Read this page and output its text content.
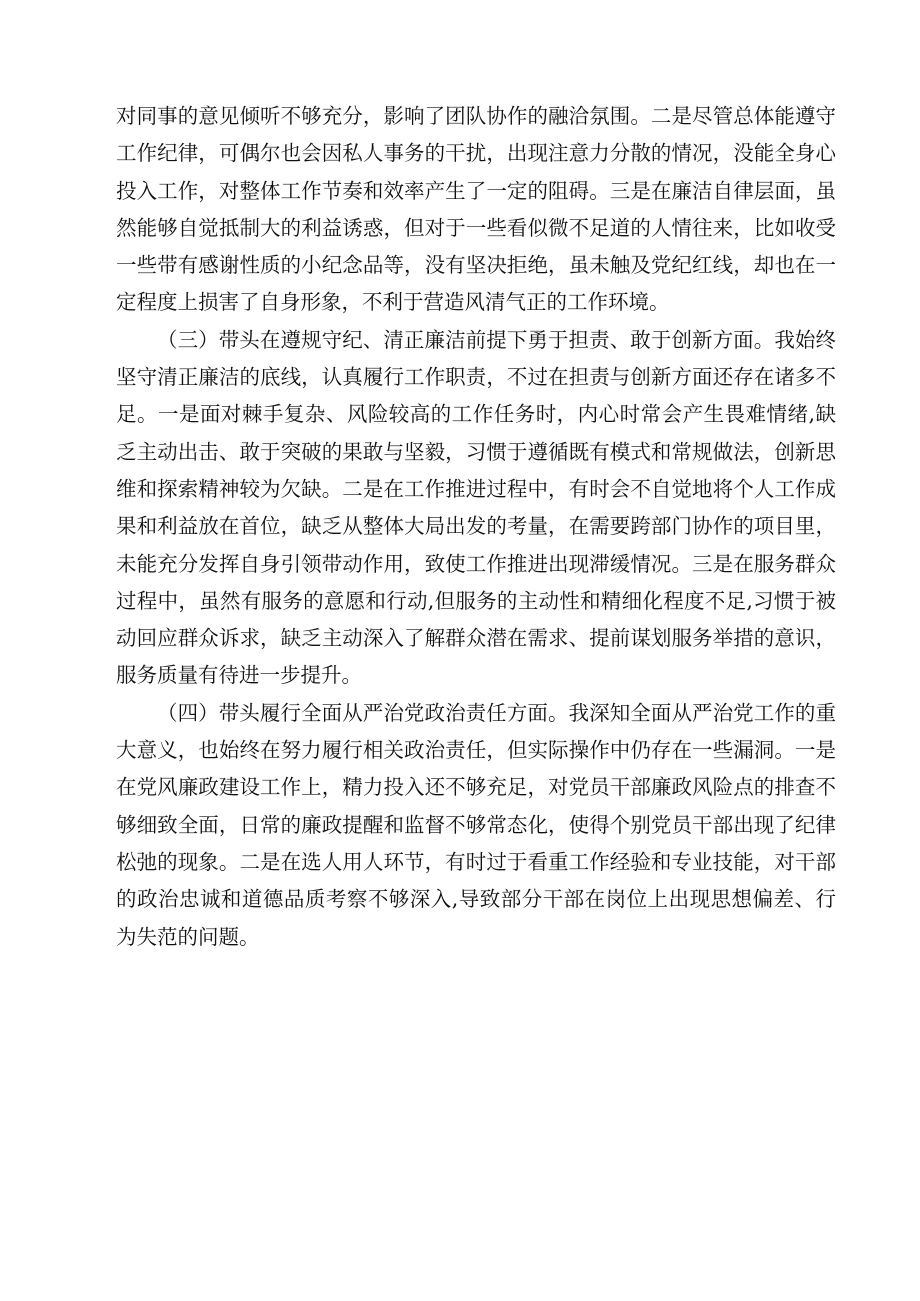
对同事的意见倾听不够充分，影响了团队协作的融洽氛围。二是尽管总体能遵守工作纪律，可偶尔也会因私人事务的干扰，出现注意力分散的情况，没能全身心投入工作，对整体工作节奏和效率产生了一定的阻碍。三是在廉洁自律层面，虽然能够自觉抵制大的利益诱惑，但对于一些看似微不足道的人情往来，比如收受一些带有感谢性质的小纪念品等，没有坚决拒绝，虽未触及党纪红线，却也在一定程度上损害了自身形象，不利于营造风清气正的工作环境。

（三）带头在遵规守纪、清正廉洁前提下勇于担责、敢于创新方面。我始终坚守清正廉洁的底线，认真履行工作职责，不过在担责与创新方面还存在诸多不足。一是面对棘手复杂、风险较高的工作任务时，内心时常会产生畏难情绪,缺乏主动出击、敢于突破的果敢与坚毅，习惯于遵循既有模式和常规做法，创新思维和探索精神较为欠缺。二是在工作推进过程中，有时会不自觉地将个人工作成果和利益放在首位，缺乏从整体大局出发的考量，在需要跨部门协作的项目里，未能充分发挥自身引领带动作用，致使工作推进出现滞缓情况。三是在服务群众过程中，虽然有服务的意愿和行动,但服务的主动性和精细化程度不足,习惯于被动回应群众诉求，缺乏主动深入了解群众潜在需求、提前谋划服务举措的意识，服务质量有待进一步提升。

（四）带头履行全面从严治党政治责任方面。我深知全面从严治党工作的重大意义，也始终在努力履行相关政治责任，但实际操作中仍存在一些漏洞。一是在党风廉政建设工作上，精力投入还不够充足，对党员干部廉政风险点的排查不够细致全面，日常的廉政提醒和监督不够常态化，使得个别党员干部出现了纪律松弛的现象。二是在选人用人环节，有时过于看重工作经验和专业技能，对干部的政治忠诚和道德品质考察不够深入,导致部分干部在岗位上出现思想偏差、行为失范的问题。
